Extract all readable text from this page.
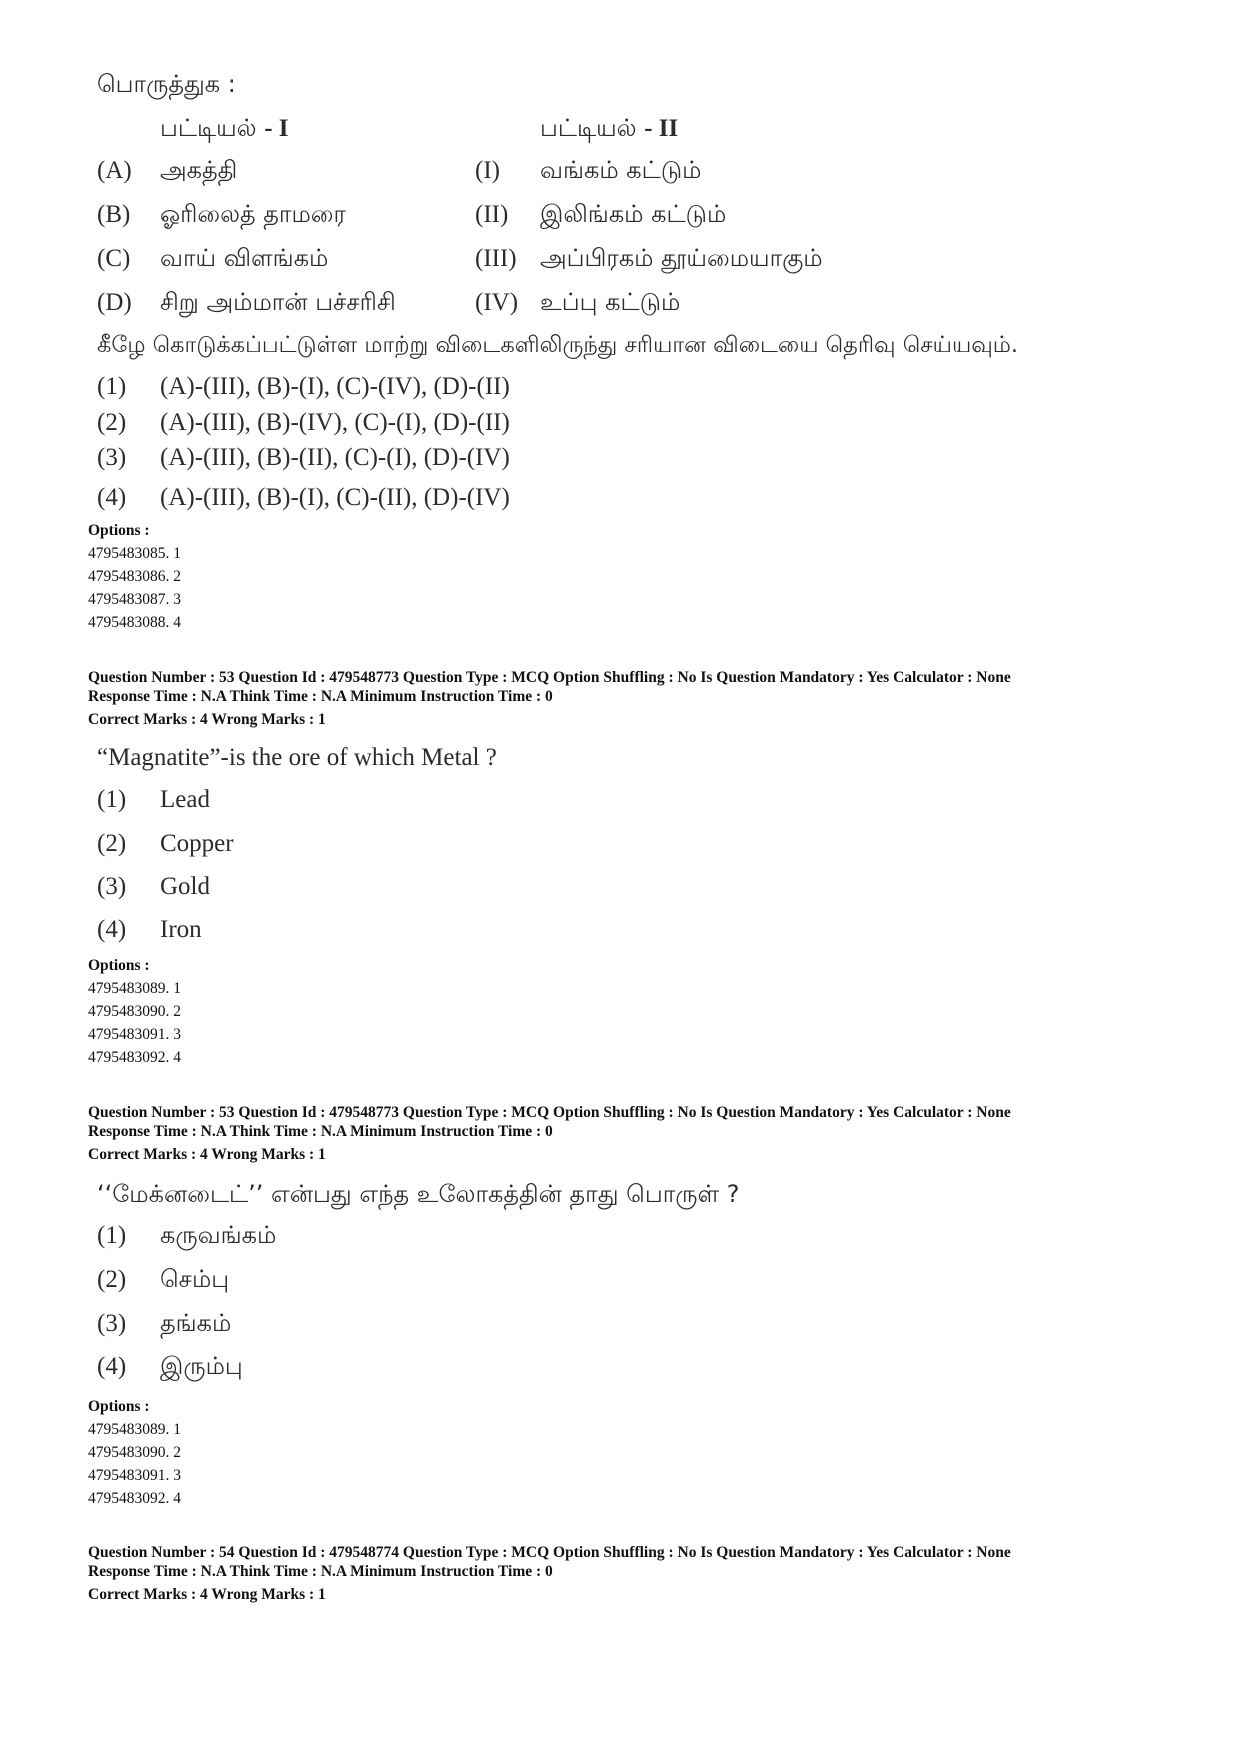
பொருத்துக :
பட்டியல் - I	பட்டியல் - II
(A) அகத்தி	(I) வங்கம் கட்டும்
(B) ஓரிலைத் தாமரை	(II) இலிங்கம் கட்டும்
(C) வாய் விளங்கம்	(III) அப்பிரகம் தூய்மையாகும்
(D) சிறு அம்மான் பச்சரிசி	(IV) உப்பு கட்டும்
கீழே கொடுக்கப்பட்டுள்ள மாற்று விடைகளிலிருந்து சரியான விடையை தெரிவு செய்யவும்.
(1) (A)-(III), (B)-(I), (C)-(IV), (D)-(II)
(2) (A)-(III), (B)-(IV), (C)-(I), (D)-(II)
(3) (A)-(III), (B)-(II), (C)-(I), (D)-(IV)
(4) (A)-(III), (B)-(I), (C)-(II), (D)-(IV)
Options :
4795483085. 1
4795483086. 2
4795483087. 3
4795483088. 4
Question Number : 53 Question Id : 479548773 Question Type : MCQ Option Shuffling : No Is Question Mandatory : Yes Calculator : None
Response Time : N.A Think Time : N.A Minimum Instruction Time : 0
Correct Marks : 4 Wrong Marks : 1
“Magnatite”-is the ore of which Metal ?
(1) Lead
(2) Copper
(3) Gold
(4) Iron
Options :
4795483089. 1
4795483090. 2
4795483091. 3
4795483092. 4
Question Number : 53 Question Id : 479548773 Question Type : MCQ Option Shuffling : No Is Question Mandatory : Yes Calculator : None
Response Time : N.A Think Time : N.A Minimum Instruction Time : 0
Correct Marks : 4 Wrong Marks : 1
‘‘மேக்னடைட்’’ என்பது எந்த உலோகத்தின் தாது பொருள் ?
(1) கருவங்கம்
(2) செம்பு
(3) தங்கம்
(4) இரும்பு
Options :
4795483089. 1
4795483090. 2
4795483091. 3
4795483092. 4
Question Number : 54 Question Id : 479548774 Question Type : MCQ Option Shuffling : No Is Question Mandatory : Yes Calculator : None
Response Time : N.A Think Time : N.A Minimum Instruction Time : 0
Correct Marks : 4 Wrong Marks : 1
